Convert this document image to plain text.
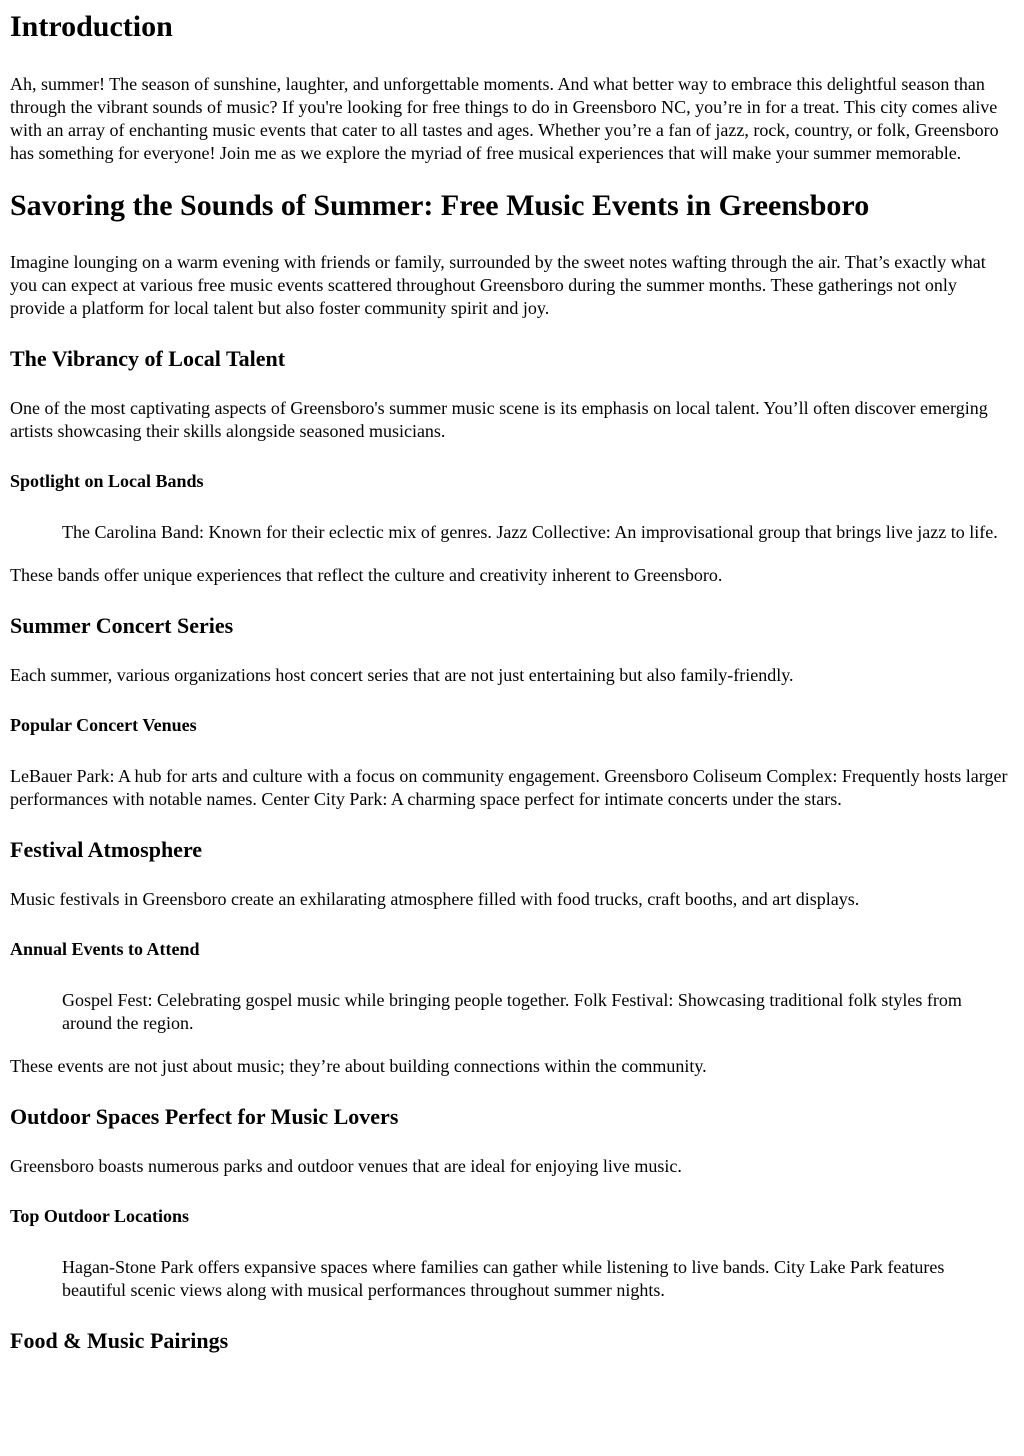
Introduction

Ah, summer! The season of sunshine, laughter, and unforgettable moments. And what better way to embrace this delightful season than through the vibrant sounds of music? If you're looking for free things to do in Greensboro NC, you’re in for a treat. This city comes alive with an array of enchanting music events that cater to all tastes and ages. Whether you’re a fan of jazz, rock, country, or folk, Greensboro has something for everyone! Join me as we explore the myriad of free musical experiences that will make your summer memorable.

Savoring the Sounds of Summer: Free Music Events in Greensboro

Imagine lounging on a warm evening with friends or family, surrounded by the sweet notes wafting through the air. That’s exactly what you can expect at various free music events scattered throughout Greensboro during the summer months. These gatherings not only provide a platform for local talent but also foster community spirit and joy.

The Vibrancy of Local Talent

One of the most captivating aspects of Greensboro's summer music scene is its emphasis on local talent. You’ll often discover emerging artists showcasing their skills alongside seasoned musicians.

Spotlight on Local Bands
The Carolina Band: Known for their eclectic mix of genres. Jazz Collective: An improvisational group that brings live jazz to life.

These bands offer unique experiences that reflect the culture and creativity inherent to Greensboro.

Summer Concert Series

Each summer, various organizations host concert series that are not just entertaining but also family-friendly.

Popular Concert Venues

LeBauer Park: A hub for arts and culture with a focus on community engagement. Greensboro Coliseum Complex: Frequently hosts larger performances with notable names. Center City Park: A charming space perfect for intimate concerts under the stars.

Festival Atmosphere

Music festivals in Greensboro create an exhilarating atmosphere filled with food trucks, craft booths, and art displays.

Annual Events to Attend
Gospel Fest: Celebrating gospel music while bringing people together. Folk Festival: Showcasing traditional folk styles from around the region.

These events are not just about music; they’re about building connections within the community.

Outdoor Spaces Perfect for Music Lovers

Greensboro boasts numerous parks and outdoor venues that are ideal for enjoying live music.

Top Outdoor Locations
Hagan-Stone Park offers expansive spaces where families can gather while listening to live bands. City Lake Park features beautiful scenic views along with musical performances throughout summer nights.
Food & Music Pairings
